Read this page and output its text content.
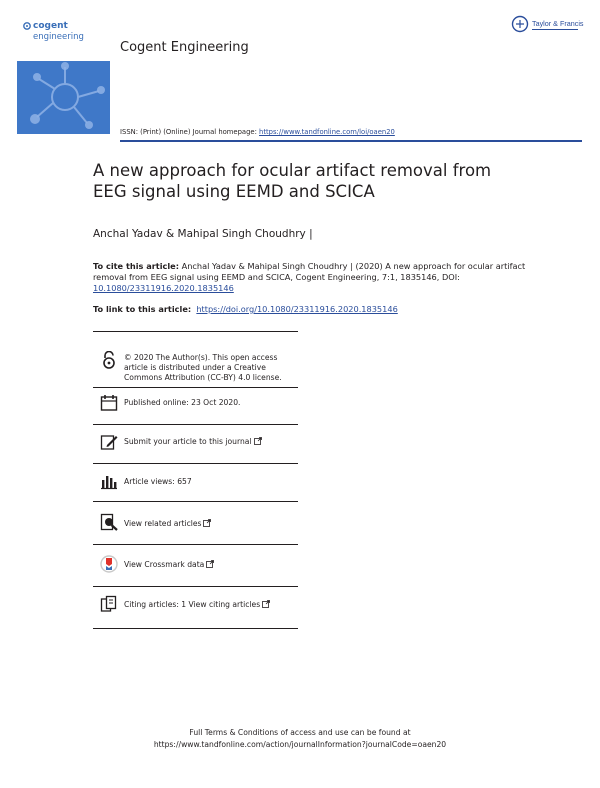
cogent
engineering
Taylor & Francis
Cogent Engineering
ISSN: (Print) (Online) Journal homepage: https://www.tandfonline.com/loi/oaen20
A new approach for ocular artifact removal from
EEG signal using EEMD and SCICA
Anchal Yadav & Mahipal Singh Choudhry |
To cite this article: Anchal Yadav & Mahipal Singh Choudhry | (2020) A new approach for ocular artifact removal from EEG signal using EEMD and SCICA, Cogent Engineering, 7:1, 1835146, DOI: 10.1080/23311916.2020.1835146
To link to this article: https://doi.org/10.1080/23311916.2020.1835146
© 2020 The Author(s). This open access article is distributed under a Creative Commons Attribution (CC-BY) 4.0 license.
Published online: 23 Oct 2020.
Submit your article to this journal
Article views: 657
View related articles
View Crossmark data
Citing articles: 1 View citing articles
Full Terms & Conditions of access and use can be found at
https://www.tandfonline.com/action/journalInformation?journalCode=oaen20
